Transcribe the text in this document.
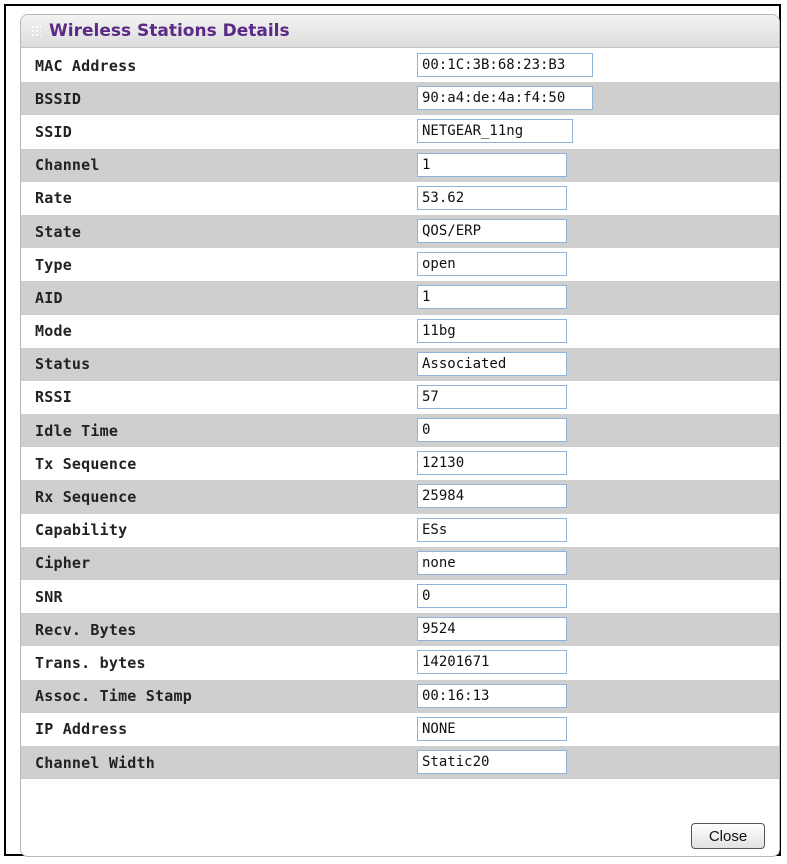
Wireless Stations Details
MAC Address	00:1C:3B:68:23:B3
BSSID	90:a4:de:4a:f4:50
SSID	NETGEAR_11ng
Channel	1
Rate	53.62
State	QOS/ERP
Type	open
AID	1
Mode	11bg
Status	Associated
RSSI	57
Idle Time	0
Tx Sequence	12130
Rx Sequence	25984
Capability	ESs
Cipher	none
SNR	0
Recv. Bytes	9524
Trans. bytes	14201671
Assoc. Time Stamp	00:16:13
IP Address	NONE
Channel Width	Static20
Close
